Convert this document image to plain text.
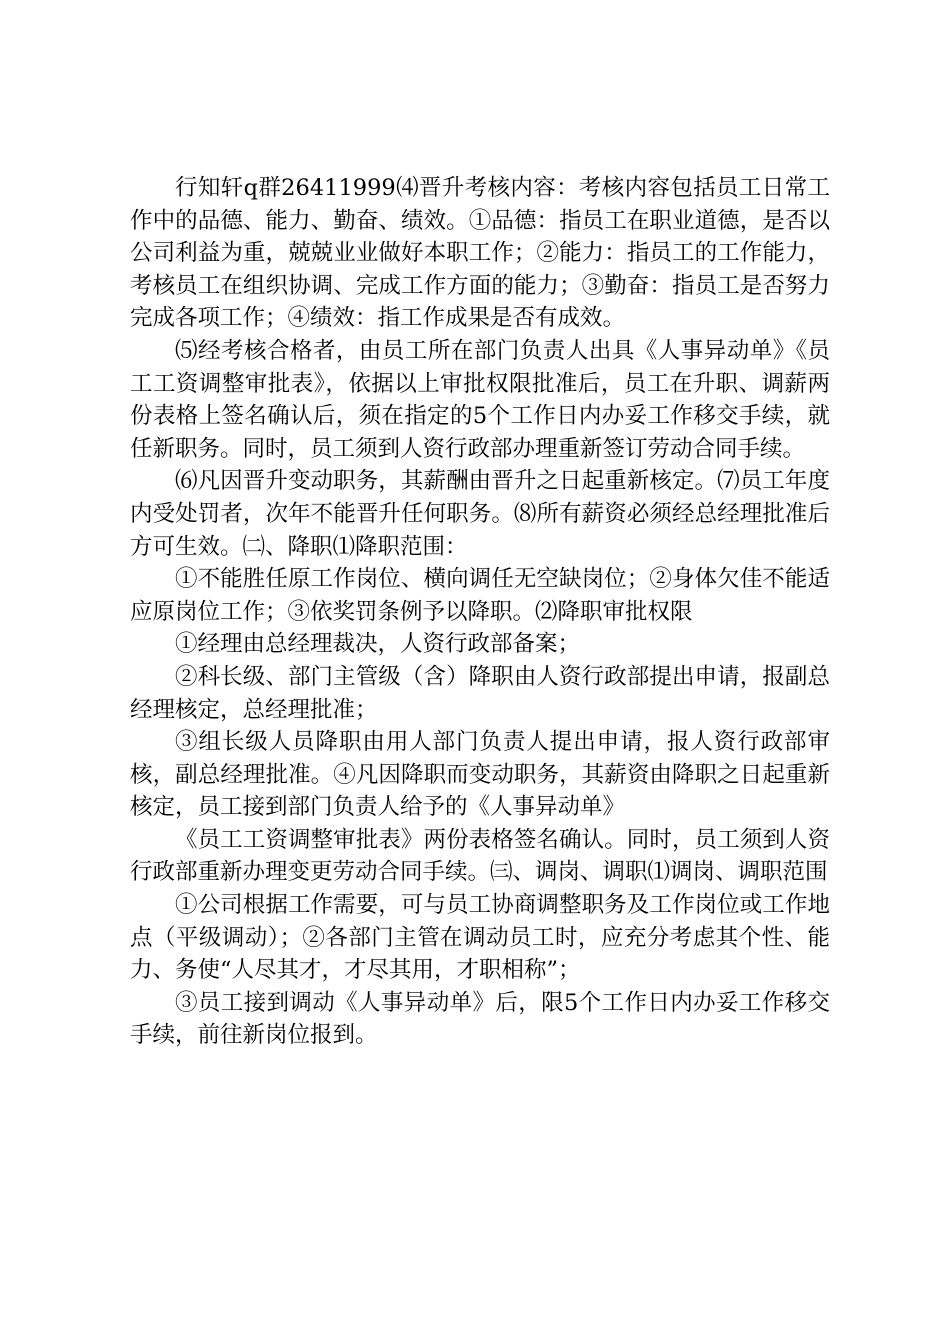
行知轩q群26411999⑷晋升考核内容：考核内容包括员工日常工作中的品德、能力、勤奋、绩效。①品德：指员工在职业道德，是否以公司利益为重，兢兢业业做好本职工作；②能力：指员工的工作能力，考核员工在组织协调、完成工作方面的能力；③勤奋：指员工是否努力完成各项工作；④绩效：指工作成果是否有成效。

⑸经考核合格者，由员工所在部门负责人出具《人事异动单》《员工工资调整审批表》，依据以上审批权限批准后，员工在升职、调薪两份表格上签名确认后，须在指定的5个工作日内办妥工作移交手续，就任新职务。同时，员工须到人资行政部办理重新签订劳动合同手续。

⑹凡因晋升变动职务，其薪酬由晋升之日起重新核定。⑺员工年度内受处罚者，次年不能晋升任何职务。⑻所有薪资必须经总经理批准后方可生效。㈡、降职⑴降职范围：

①不能胜任原工作岗位、横向调任无空缺岗位；②身体欠佳不能适应原岗位工作；③依奖罚条例予以降职。⑵降职审批权限

①经理由总经理裁决，人资行政部备案；

②科长级、部门主管级（含）降职由人资行政部提出申请，报副总经理核定，总经理批准；

③组长级人员降职由用人部门负责人提出申请，报人资行政部审核，副总经理批准。④凡因降职而变动职务，其薪资由降职之日起重新核定，员工接到部门负责人给予的《人事异动单》

《员工工资调整审批表》两份表格签名确认。同时，员工须到人资行政部重新办理变更劳动合同手续。㈢、调岗、调职⑴调岗、调职范围

①公司根据工作需要，可与员工协商调整职务及工作岗位或工作地点（平级调动）；②各部门主管在调动员工时，应充分考虑其个性、能力、务使“人尽其才，才尽其用，才职相称”；

③员工接到调动《人事异动单》后，限5个工作日内办妥工作移交手续，前往新岗位报到。
